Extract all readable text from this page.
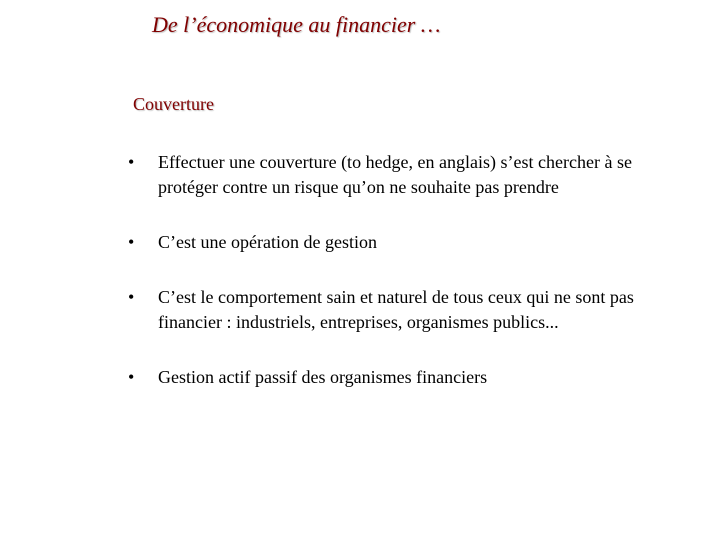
De l’économique au financier …
Couverture
• Effectuer une couverture (to hedge, en anglais) s’est chercher à se protéger contre un risque qu’on ne souhaite pas prendre
• C’est une opération de gestion
• C’est le comportement sain et naturel de tous ceux qui ne sont pas financier : industriels, entreprises, organismes publics...
• Gestion actif passif des organismes financiers
